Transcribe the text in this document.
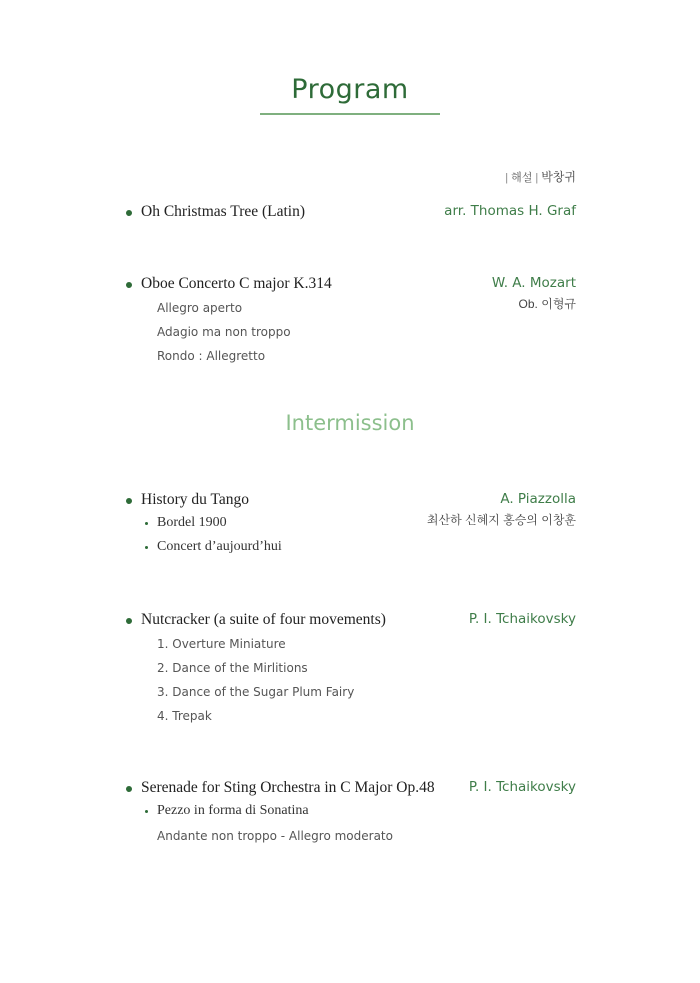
Program
| 해설 | 박창귀
Oh Christmas Tree (Latin)	arr. Thomas H. Graf
Oboe Concerto C major K.314	W. A. Mozart
Ob. 이형규
Allegro aperto
Adagio ma non troppo
Rondo : Allegretto
Intermission
History du Tango	A. Piazzolla
최산하 신혜지 홍승의 이창훈
Bordel 1900
Concert d’aujourd’hui
Nutcracker (a suite of four movements)	P. I. Tchaikovsky
1. Overture Miniature
2. Dance of the Mirlitions
3. Dance of the Sugar Plum Fairy
4. Trepak
Serenade for Sting Orchestra in C Major Op.48	P. I. Tchaikovsky
Pezzo in forma di Sonatina
Andante non troppo - Allegro moderato
